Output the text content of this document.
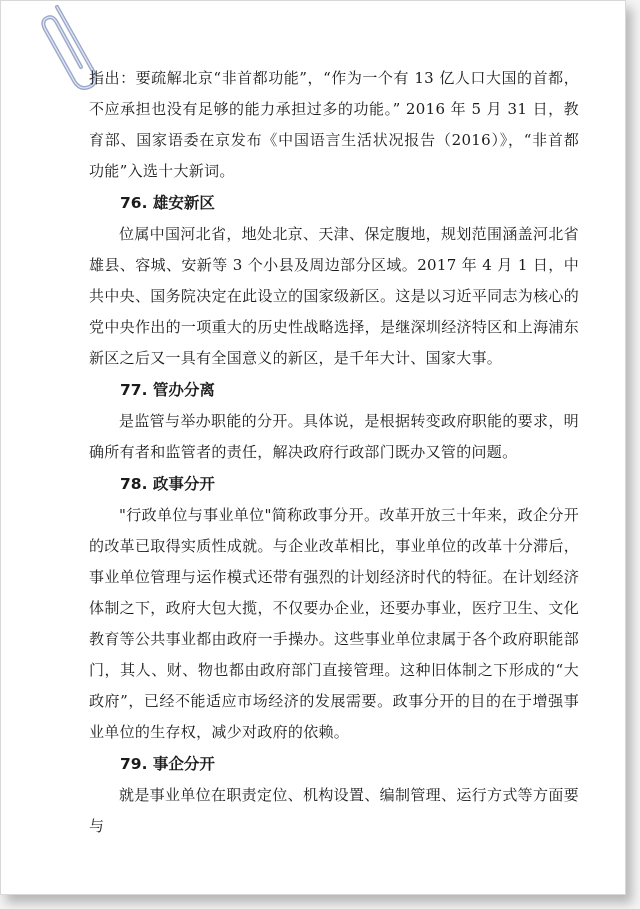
指出：要疏解北京“非首都功能”，“作为一个有 13 亿人口大国的首都，不应承担也没有足够的能力承担过多的功能。” 2016 年 5 月 31 日，教育部、国家语委在京发布《中国语言生活状况报告（2016）》，“非首都功能”入选十大新词。

76. 雄安新区

位属中国河北省，地处北京、天津、保定腹地，规划范围涵盖河北省雄县、容城、安新等 3 个小县及周边部分区域。2017 年 4 月 1 日，中共中央、国务院决定在此设立的国家级新区。这是以习近平同志为核心的党中央作出的一项重大的历史性战略选择，是继深圳经济特区和上海浦东新区之后又一具有全国意义的新区，是千年大计、国家大事。

77. 管办分离

是监管与举办职能的分开。具体说，是根据转变政府职能的要求，明确所有者和监管者的责任，解决政府行政部门既办又管的问题。

78. 政事分开

"行政单位与事业单位"简称政事分开。改革开放三十年来，政企分开的改革已取得实质性成就。与企业改革相比，事业单位的改革十分滞后，事业单位管理与运作模式还带有强烈的计划经济时代的特征。在计划经济体制之下，政府大包大揽，不仅要办企业，还要办事业，医疗卫生、文化教育等公共事业都由政府一手操办。这些事业单位隶属于各个政府职能部门，其人、财、物也都由政府部门直接管理。这种旧体制之下形成的“大政府”，已经不能适应市场经济的发展需要。政事分开的目的在于增强事业单位的生存权，减少对政府的依赖。

79. 事企分开

就是事业单位在职责定位、机构设置、编制管理、运行方式等方面要与
